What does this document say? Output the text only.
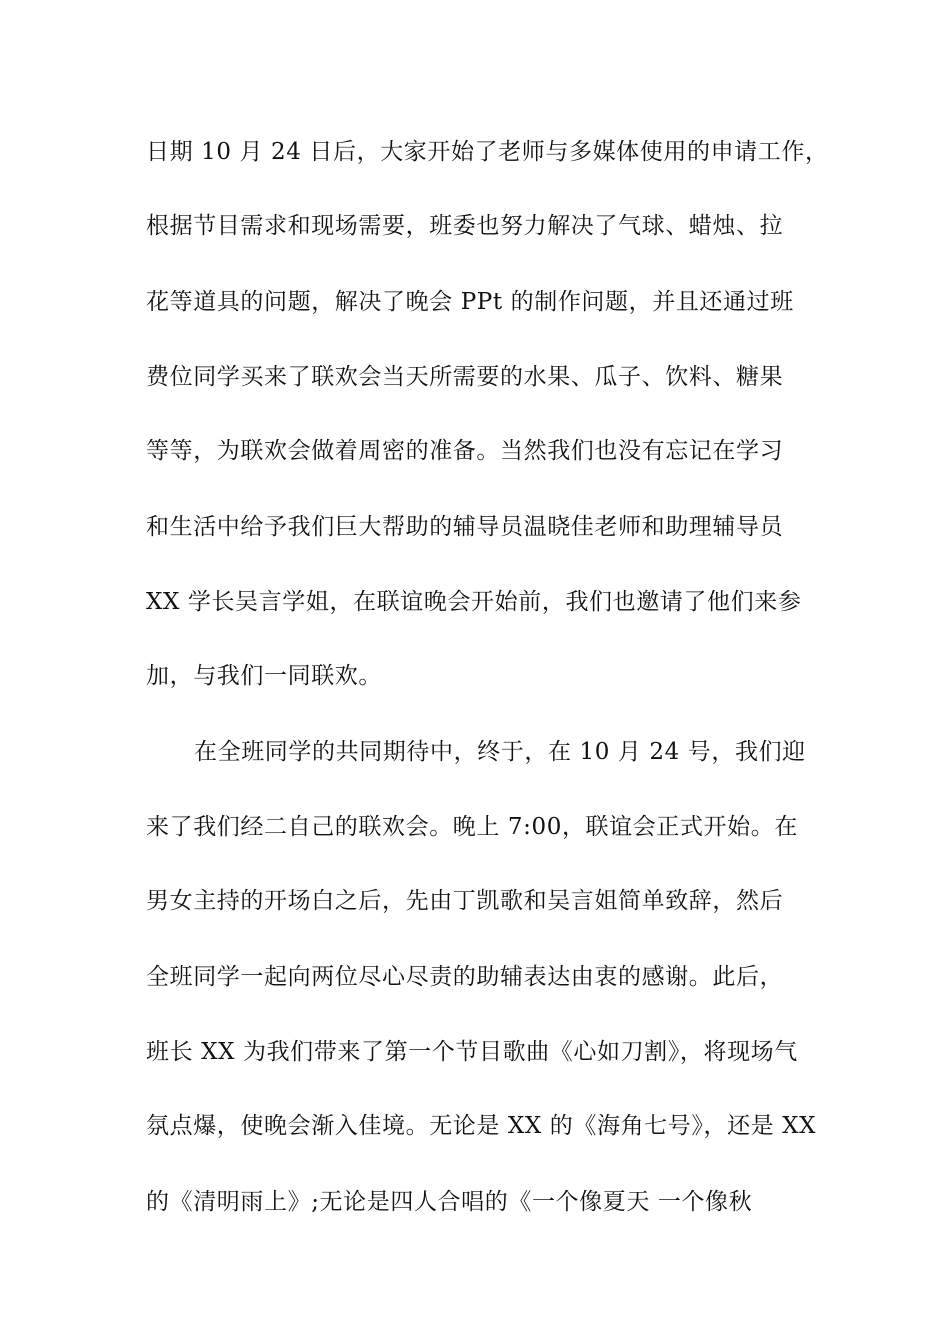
日期 10 月 24 日后，大家开始了老师与多媒体使用的申请工作，
根据节目需求和现场需要，班委也努力解决了气球、蜡烛、拉
花等道具的问题，解决了晚会 PPt 的制作问题，并且还通过班
费位同学买来了联欢会当天所需要的水果、瓜子、饮料、糖果
等等，为联欢会做着周密的准备。当然我们也没有忘记在学习
和生活中给予我们巨大帮助的辅导员温晓佳老师和助理辅导员
XX 学长吴言学姐，在联谊晚会开始前，我们也邀请了他们来参
加，与我们一同联欢。
在全班同学的共同期待中，终于，在 10 月 24 号，我们迎
来了我们经二自己的联欢会。晚上 7:00，联谊会正式开始。在
男女主持的开场白之后，先由丁凯歌和吴言姐简单致辞，然后
全班同学一起向两位尽心尽责的助辅表达由衷的感谢。此后，
班长 XX 为我们带来了第一个节目歌曲《心如刀割》，将现场气
氛点爆，使晚会渐入佳境。无论是 XX 的《海角七号》，还是 XX
的《清明雨上》;无论是四人合唱的《一个像夏天 一个像秋
